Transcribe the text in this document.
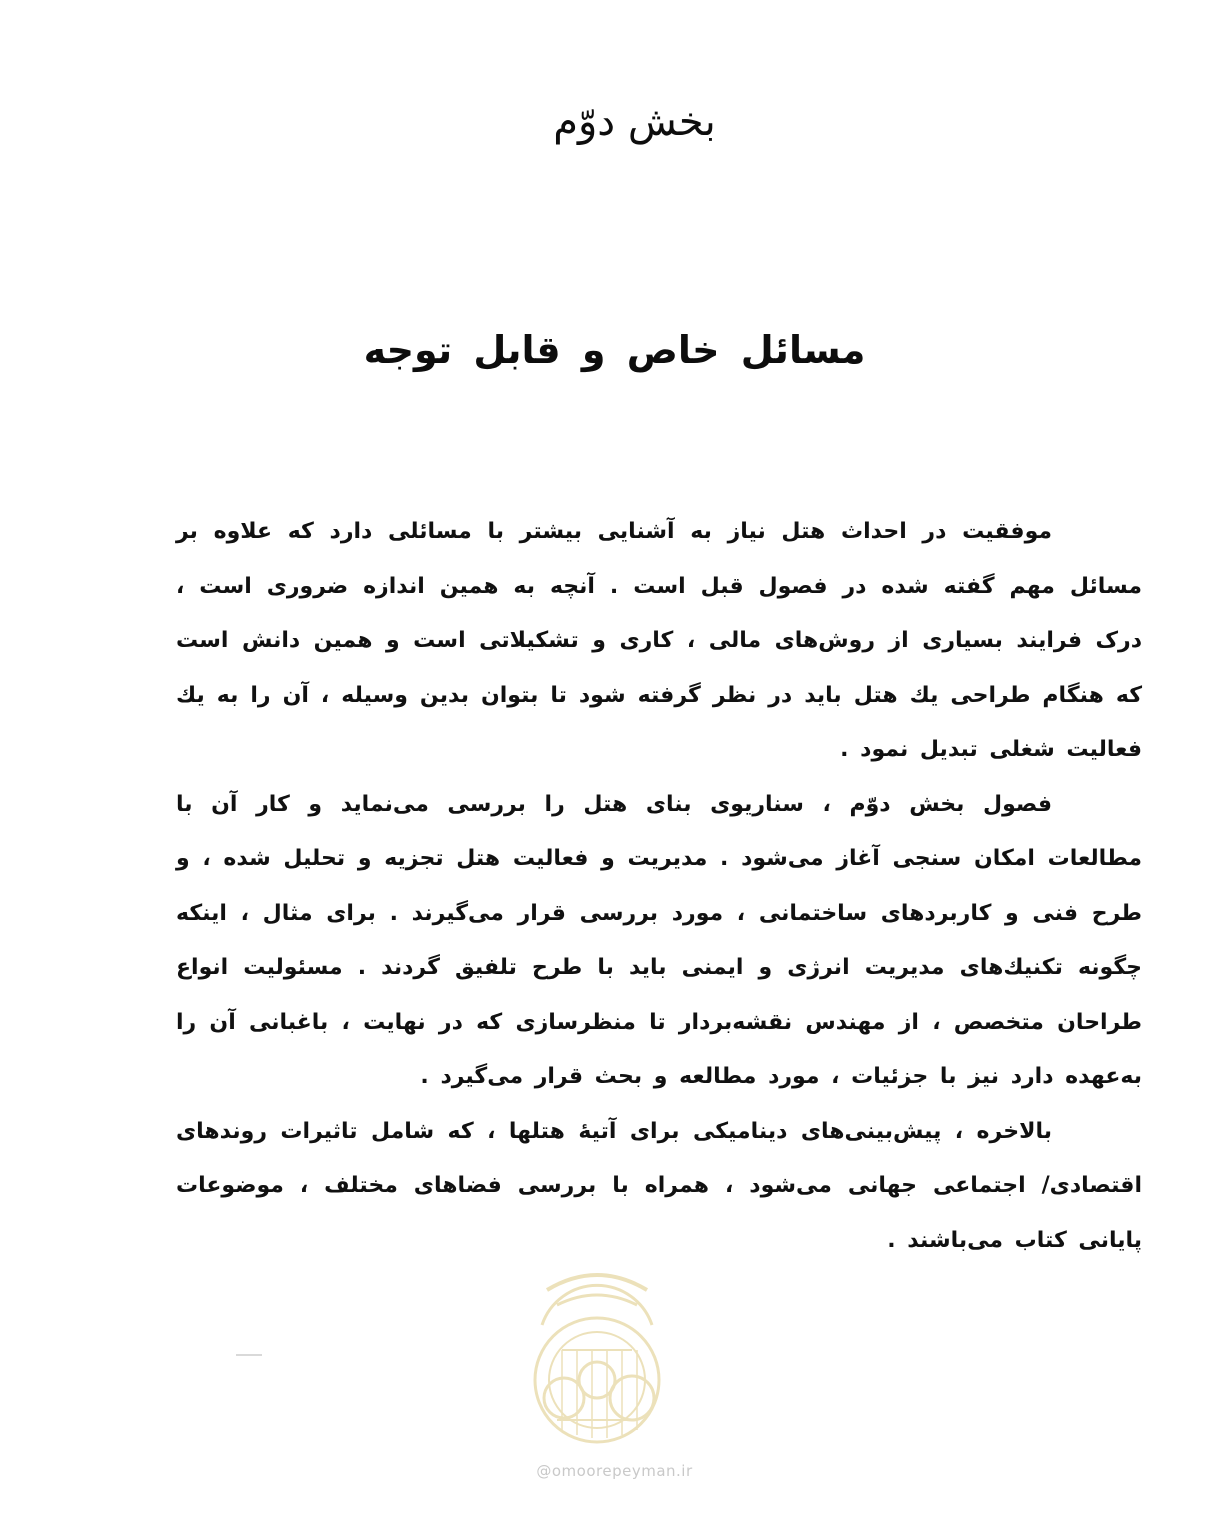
بخش دوّم
مسائل خاص و قابل توجه

موفقیت در احداث هتل نیاز به آشنایی بیشتر با مسائلی دارد که علاوه بر مسائل مهم گفته شده در فصول قبل است . آنچه به همین اندازه ضروری است ، درک فرایند بسیاری از روش‌های مالی ، کاری و تشکیلاتی است و همین دانش است که هنگام طراحی یك هتل باید در نظر گرفته شود تا بتوان بدین وسیله ، آن را به یك فعالیت شغلی تبدیل نمود .

فصول بخش دوّم ، سناریوی بنای هتل را بررسی می‌نماید و کار آن با مطالعات امکان سنجی آغاز می‌شود . مدیریت و فعالیت هتل تجزیه و تحلیل شده ، و طرح فنی و کاربردهای ساختمانی ، مورد بررسی قرار می‌گیرند . برای مثال ، اینکه چگونه تکنیك‌های مدیریت انرژی و ایمنی باید با طرح تلفیق گردند . مسئولیت انواع طراحان متخصص ، از مهندس نقشه‌بردار تا منظرسازی که در نهایت ، باغبانی آن را به‌عهده دارد نیز با جزئیات ، مورد مطالعه و بحث قرار می‌گیرد .

بالاخره ، پیش‌بینی‌های دینامیکی برای آتیهٔ هتلها ، که شامل تاثیرات روندهای اقتصادی/ اجتماعی جهانی می‌شود ، همراه با بررسی فضاهای مختلف ، موضوعات پایانی کتاب می‌باشند .

@omoorepeyman.ir
